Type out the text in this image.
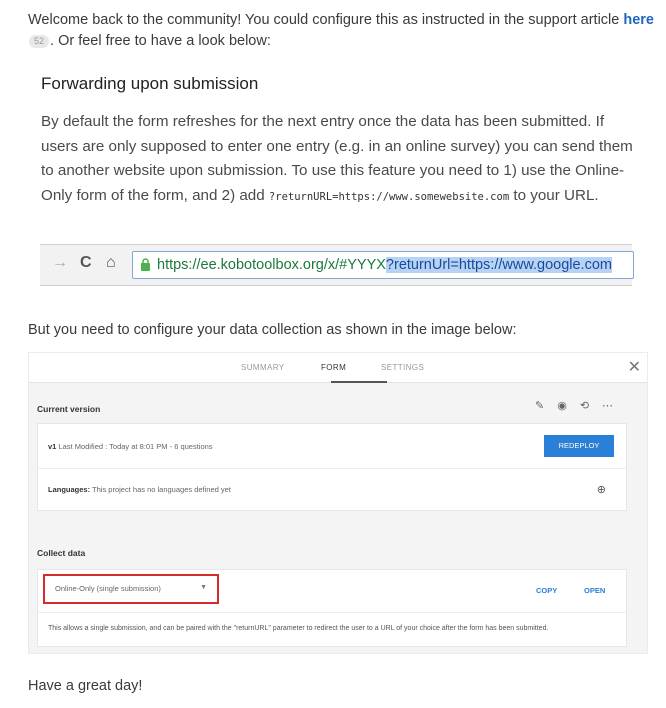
Welcome back to the community! You could configure this as instructed in the support article here 52 . Or feel free to have a look below:
Forwarding upon submission
By default the form refreshes for the next entry once the data has been submitted. If users are only supposed to enter one entry (e.g. in an online survey) you can send them to another website upon submission. To use this feature you need to 1) use the Online-Only form of the form, and 2) add ?returnURL=https://www.somewebsite.com to your URL.
→ C ⌂	https://ee.kobotoolbox.org/x/#YYYX?returnUrl=https://www.google.com
But you need to configure your data collection as shown in the image below:
SUMMARY	FORM	SETTINGS	✕
Current version	✎ ◉ ⟲ ⋯
v1 Last Modified : Today at 8:01 PM - 6 questions	REDEPLOY
Languages: This project has no languages defined yet	⊕
Collect data
Online-Only (single submission)	▼	COPY	OPEN
This allows a single submission, and can be paired with the "returnURL" parameter to redirect the user to a URL of your choice after the form has been submitted.
Have a great day!
